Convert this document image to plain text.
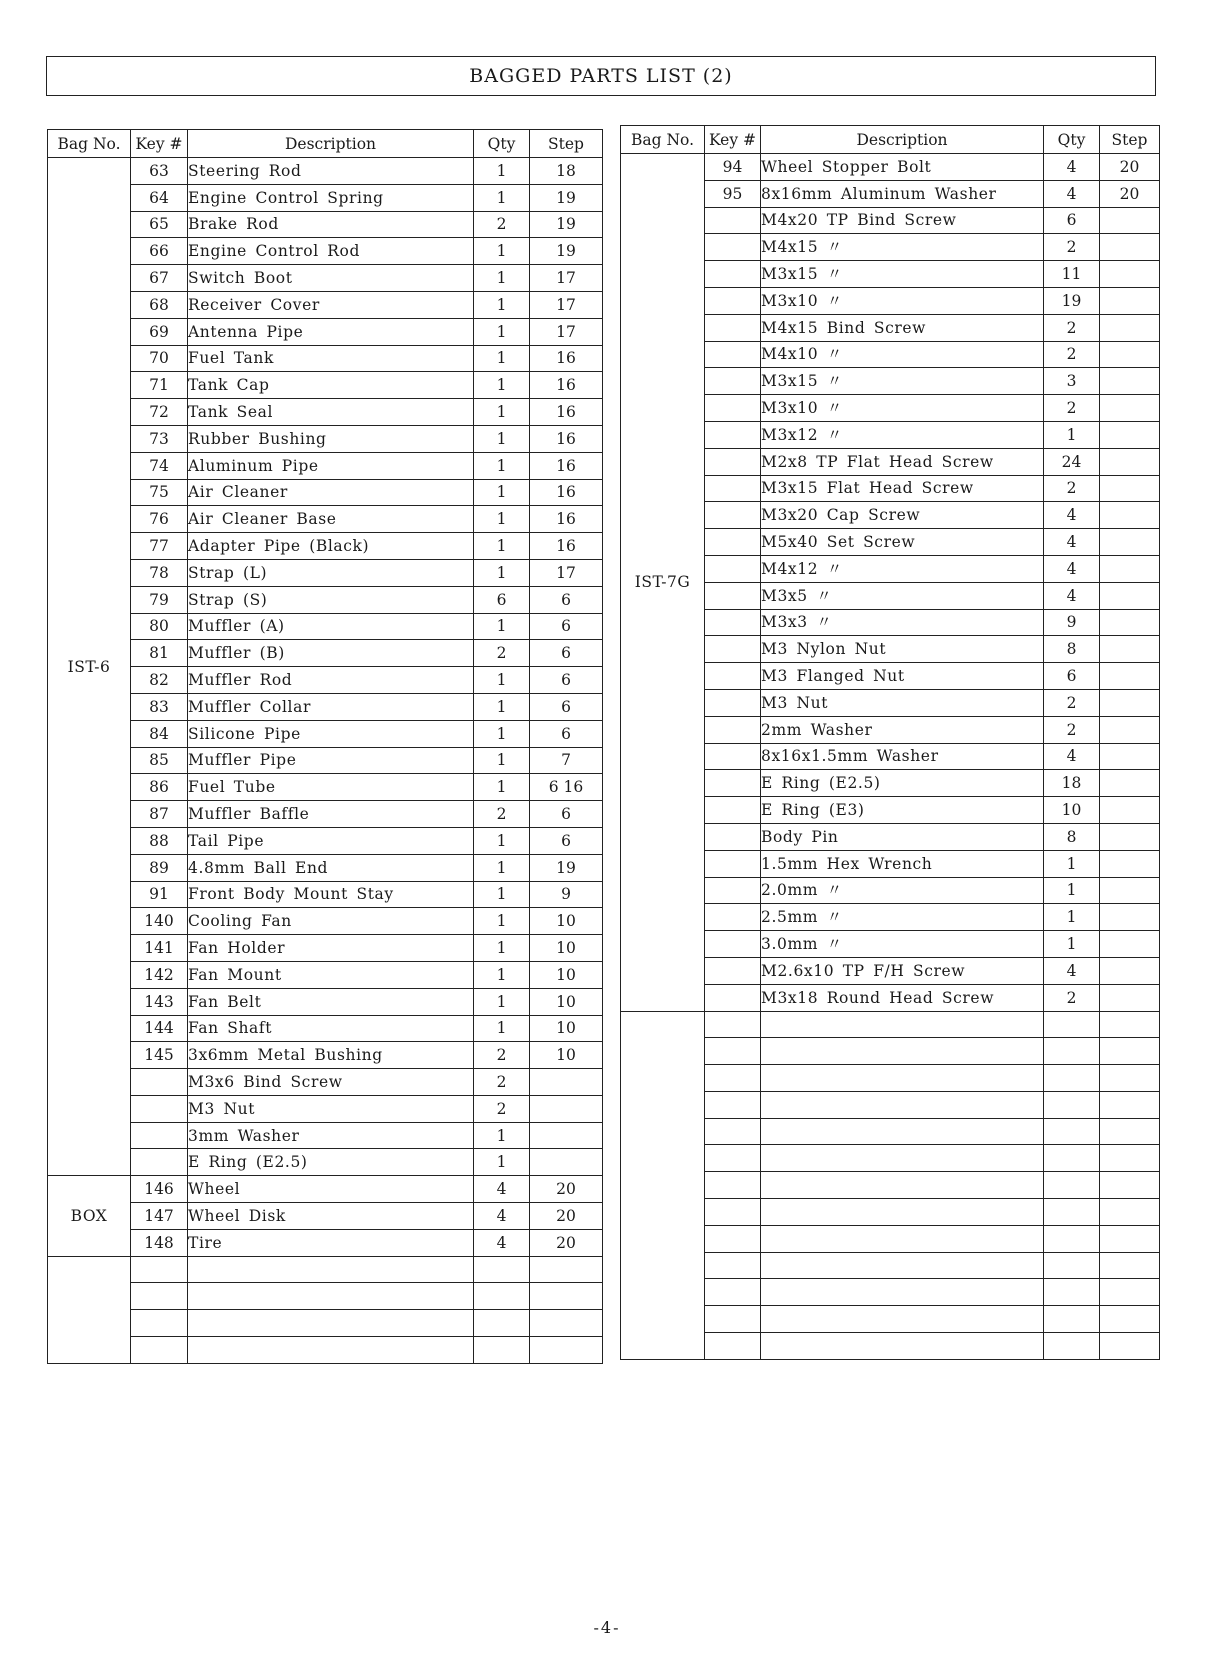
BAGGED PARTS LIST (2)
Bag No.	Key #	Description	Qty	Step
IST-6	63	Steering Rod	1	18
	64	Engine Control Spring	1	19
	65	Brake Rod	2	19
	66	Engine Control Rod	1	19
	67	Switch Boot	1	17
	68	Receiver Cover	1	17
	69	Antenna Pipe	1	17
	70	Fuel Tank	1	16
	71	Tank Cap	1	16
	72	Tank Seal	1	16
	73	Rubber Bushing	1	16
	74	Aluminum Pipe	1	16
	75	Air Cleaner	1	16
	76	Air Cleaner Base	1	16
	77	Adapter Pipe (Black)	1	16
	78	Strap (L)	1	17
	79	Strap (S)	6	6
	80	Muffler (A)	1	6
	81	Muffler (B)	2	6
	82	Muffler Rod	1	6
	83	Muffler Collar	1	6
	84	Silicone Pipe	1	6
	85	Muffler Pipe	1	7
	86	Fuel Tube	1	6 16
	87	Muffler Baffle	2	6
	88	Tail Pipe	1	6
	89	4.8mm Ball End	1	19
	91	Front Body Mount Stay	1	9
	140	Cooling Fan	1	10
	141	Fan Holder	1	10
	142	Fan Mount	1	10
	143	Fan Belt	1	10
	144	Fan Shaft	1	10
	145	3x6mm Metal Bushing	2	10
		M3x6 Bind Screw	2	
		M3 Nut	2	
		3mm Washer	1	
		E Ring (E2.5)	1	
BOX	146	Wheel	4	20
	147	Wheel Disk	4	20
	148	Tire	4	20

Bag No.	Key #	Description	Qty	Step
IST-7G	94	Wheel Stopper Bolt	4	20
	95	8x16mm Aluminum Washer	4	20
		M4x20 TP Bind Screw	6	
		M4x15 〃	2	
		M3x15 〃	11	
		M3x10 〃	19	
		M4x15 Bind Screw	2	
		M4x10 〃	2	
		M3x15 〃	3	
		M3x10 〃	2	
		M3x12 〃	1	
		M2x8 TP Flat Head Screw	24	
		M3x15 Flat Head Screw	2	
		M3x20 Cap Screw	4	
		M5x40 Set Screw	4	
		M4x12 〃	4	
		M3x5 〃	4	
		M3x3 〃	9	
		M3 Nylon Nut	8	
		M3 Flanged Nut	6	
		M3 Nut	2	
		2mm Washer	2	
		8x16x1.5mm Washer	4	
		E Ring (E2.5)	18	
		E Ring (E3)	10	
		Body Pin	8	
		1.5mm Hex Wrench	1	
		2.0mm 〃	1	
		2.5mm 〃	1	
		3.0mm 〃	1	
		M2.6x10 TP F/H Screw	4	
		M3x18 Round Head Screw	2	

-4-
